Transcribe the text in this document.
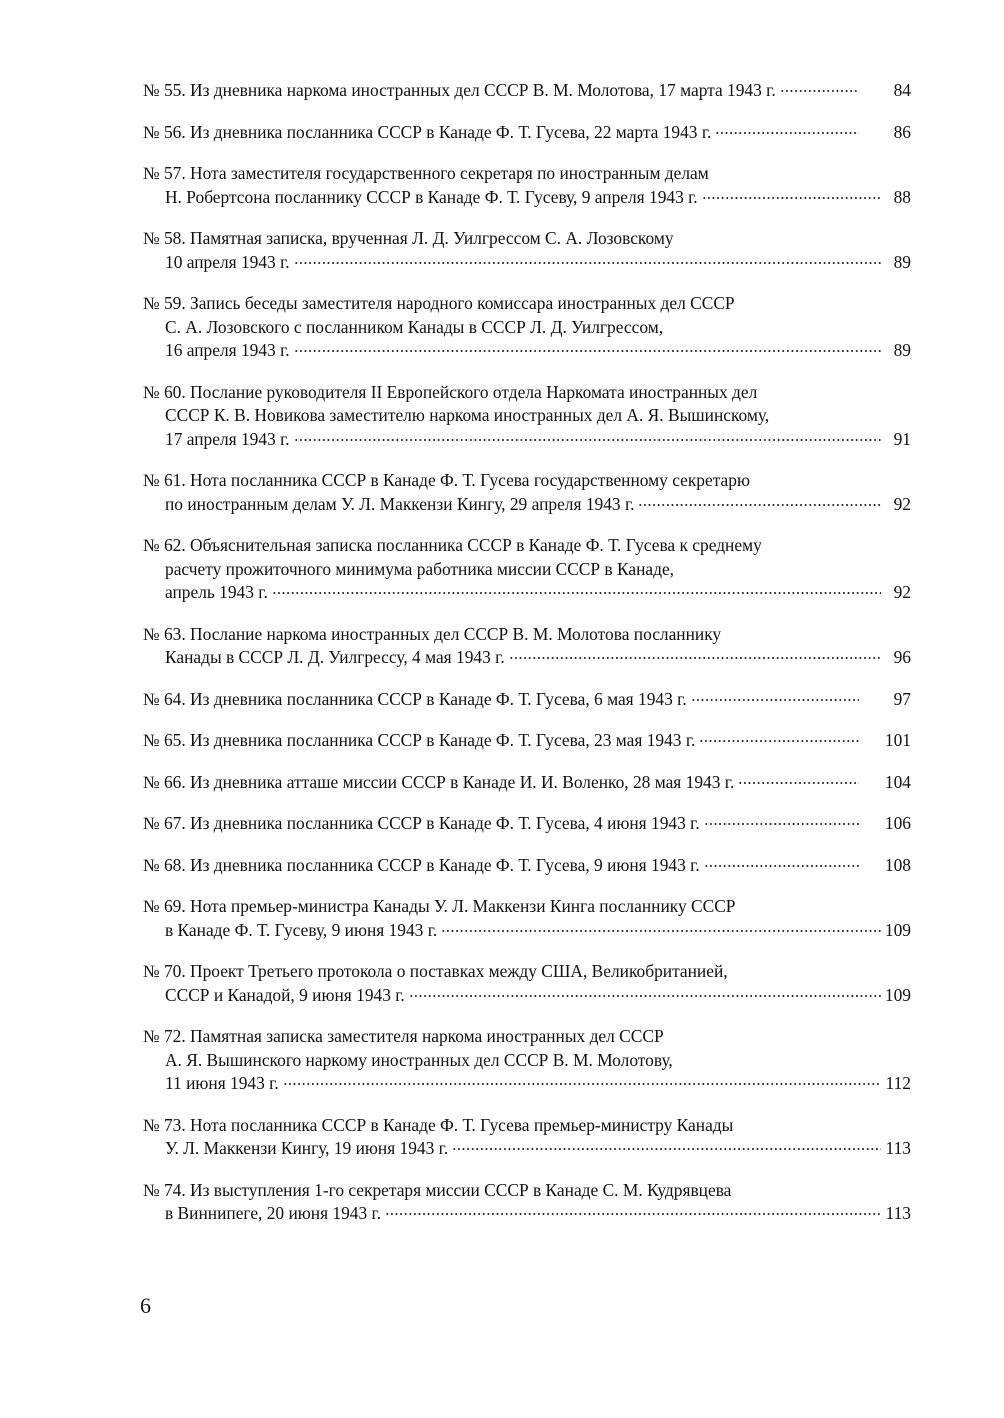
№ 55. Из дневника наркома иностранных дел СССР В. М. Молотова, 17 марта 1943 г.	84
№ 56. Из дневника посланника СССР в Канаде Ф. Т. Гусева, 22 марта 1943 г.	86
№ 57. Нота заместителя государственного секретаря по иностранным делам
Н. Робертсона посланнику СССР в Канаде Ф. Т. Гусеву, 9 апреля 1943 г.	88
№ 58. Памятная записка, врученная Л. Д. Уилгрессом С. А. Лозовскому
10 апреля 1943 г.	89
№ 59. Запись беседы заместителя народного комиссара иностранных дел СССР
С. А. Лозовского с посланником Канады в СССР Л. Д. Уилгрессом,
16 апреля 1943 г.	89
№ 60. Послание руководителя II Европейского отдела Наркомата иностранных дел
СССР К. В. Новикова заместителю наркома иностранных дел А. Я. Вышинскому,
17 апреля 1943 г.	91
№ 61. Нота посланника СССР в Канаде Ф. Т. Гусева государственному секретарю
по иностранным делам У. Л. Маккензи Кингу, 29 апреля 1943 г.	92
№ 62. Объяснительная записка посланника СССР в Канаде Ф. Т. Гусева к среднему
расчету прожиточного минимума работника миссии СССР в Канаде,
апрель 1943 г.	92
№ 63. Послание наркома иностранных дел СССР В. М. Молотова посланнику
Канады в СССР Л. Д. Уилгрессу, 4 мая 1943 г.	96
№ 64. Из дневника посланника СССР в Канаде Ф. Т. Гусева, 6 мая 1943 г.	97
№ 65. Из дневника посланника СССР в Канаде Ф. Т. Гусева, 23 мая 1943 г.	101
№ 66. Из дневника атташе миссии СССР в Канаде И. И. Воленко, 28 мая 1943 г.	104
№ 67. Из дневника посланника СССР в Канаде Ф. Т. Гусева, 4 июня 1943 г.	106
№ 68. Из дневника посланника СССР в Канаде Ф. Т. Гусева, 9 июня 1943 г.	108
№ 69. Нота премьер-министра Канады У. Л. Маккензи Кинга посланнику СССР
в Канаде Ф. Т. Гусеву, 9 июня 1943 г.	109
№ 70. Проект Третьего протокола о поставках между США, Великобританией,
СССР и Канадой, 9 июня 1943 г.	109
№ 72. Памятная записка заместителя наркома иностранных дел СССР
А. Я. Вышинского наркому иностранных дел СССР В. М. Молотову,
11 июня 1943 г.	112
№ 73. Нота посланника СССР в Канаде Ф. Т. Гусева премьер-министру Канады
У. Л. Маккензи Кингу, 19 июня 1943 г.	113
№ 74. Из выступления 1-го секретаря миссии СССР в Канаде С. М. Кудрявцева
в Виннипеге, 20 июня 1943 г.	113
6
